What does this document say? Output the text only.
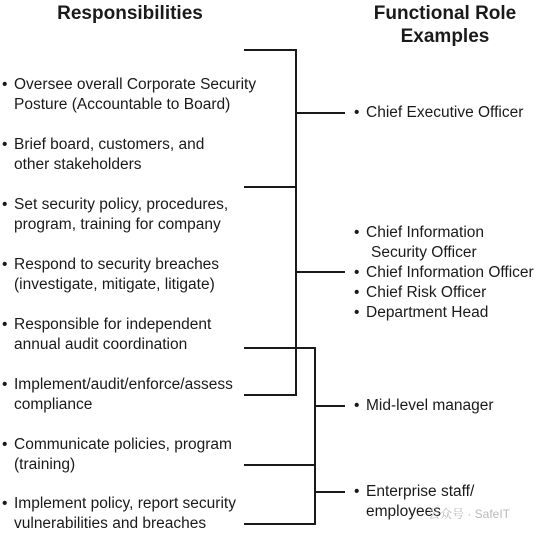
Responsibilities	Functional Role
Examples
• Oversee overall Corporate Security
Posture (Accountable to Board)
• Brief board, customers, and
other stakeholders
• Set security policy, procedures,
program, training for company
• Respond to security breaches
(investigate, mitigate, litigate)
• Responsible for independent
annual audit coordination
• Implement/audit/enforce/assess
compliance
• Communicate policies, program
(training)
• Implement policy, report security
vulnerabilities and breaches
• Chief Executive Officer
• Chief Information
Security Officer
• Chief Information Officer
• Chief Risk Officer
• Department Head
• Mid-level manager
• Enterprise staff/
employees
公众号 · SafeIT
